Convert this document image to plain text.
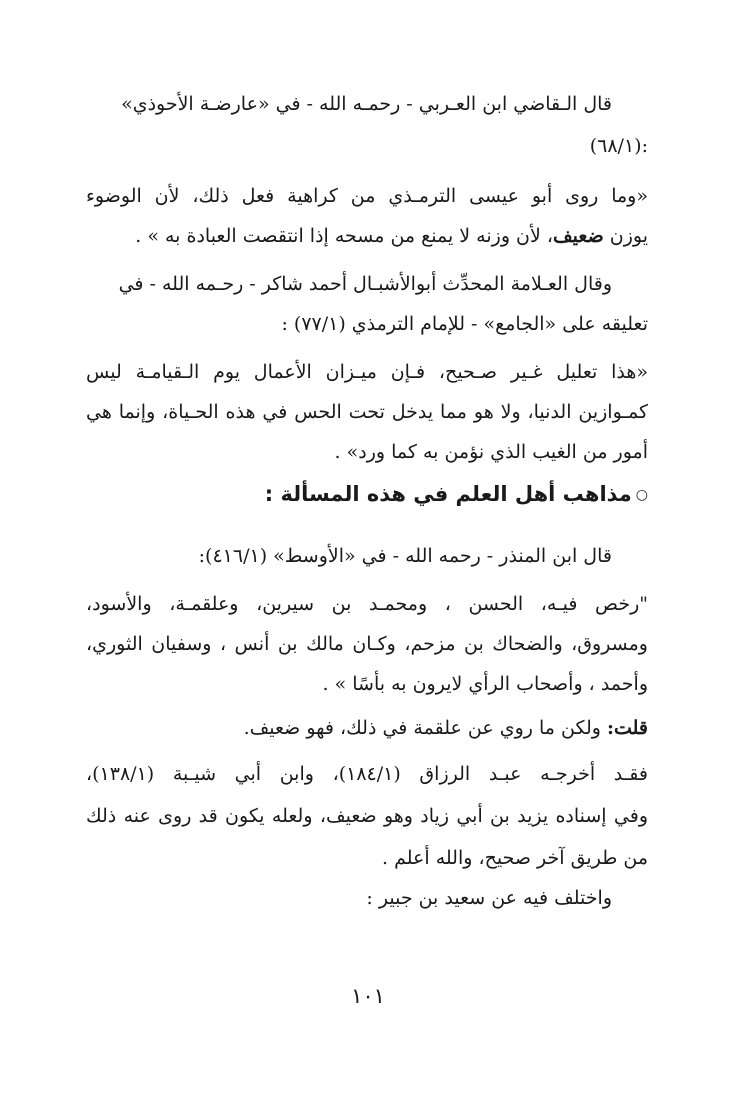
قال الـقاضي ابن العـربي - رحمـه الله - في «عارضـة الأحوذي»
:(٦٨/١)
«وما روى أبو عيسى الترمـذي من كراهية فعل ذلك، لأن الوضوء
يوزن ضعيف، لأن وزنه لا يمنع من مسحه إذا انتقصت العبادة به » .
وقال العـلامة المحدِّث أبوالأشبـال أحمد شاكر - رحـمه الله - في
تعليقه على «الجامع» - للإمام الترمذي (٧٧/١) :
«هذا تعليل غـير صـحيح، فـإن ميـزان الأعمال يوم الـقيامـة ليس
كمـوازين الدنيا، ولا هو مما يدخل تحت الحس في هذه الحـياة، وإنما هي
أمور من الغيب الذي نؤمن به كما ورد» .
○مذاهب أهل العلم في هذه المسألة :
قال ابن المنذر - رحمه الله - في «الأوسط» (٤١٦/١):
"رخص فيـه، الحسن ، ومحمـد بن سيرين، وعلقمـة، والأسود،
ومسروق، والضحاك بن مزحم، وكـان مالك بن أنس ، وسفيان الثوري،
وأحمد ، وأصحاب الرأي لايرون به بأسًا » .
قلت: ولكن ما روي عن علقمة في ذلك، فهو ضعيف.
فقـد أخرجـه عبـد الرزاق (١٨٤/١)، وابن أبي شيـبة (١٣٨/١)،
وفي إسناده يزيد بن أبي زياد وهو ضعيف، ولعله يكون قد روى عنه ذلك
من طريق آخر صحيح، والله أعلم .
واختلف فيه عن سعيد بن جبير :
١٠١
